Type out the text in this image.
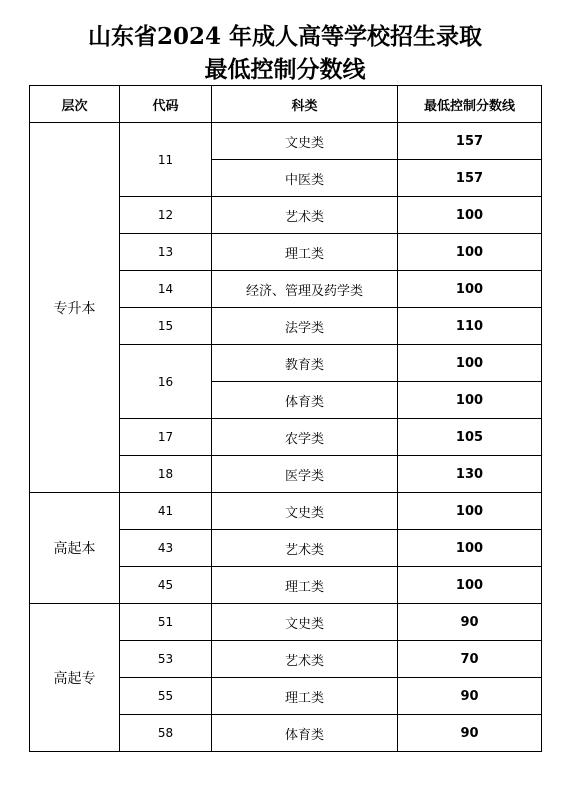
山东省2024 年成人高等学校招生录取
最低控制分数线
层次	代码	科类	最低控制分数线
专升本	11	文史类	157
		中医类	157
	12	艺术类	100
	13	理工类	100
	14	经济、管理及药学类	100
	15	法学类	110
	16	教育类	100
		体育类	100
	17	农学类	105
	18	医学类	130
高起本	41	文史类	100
	43	艺术类	100
	45	理工类	100
高起专	51	文史类	90
	53	艺术类	70
	55	理工类	90
	58	体育类	90
